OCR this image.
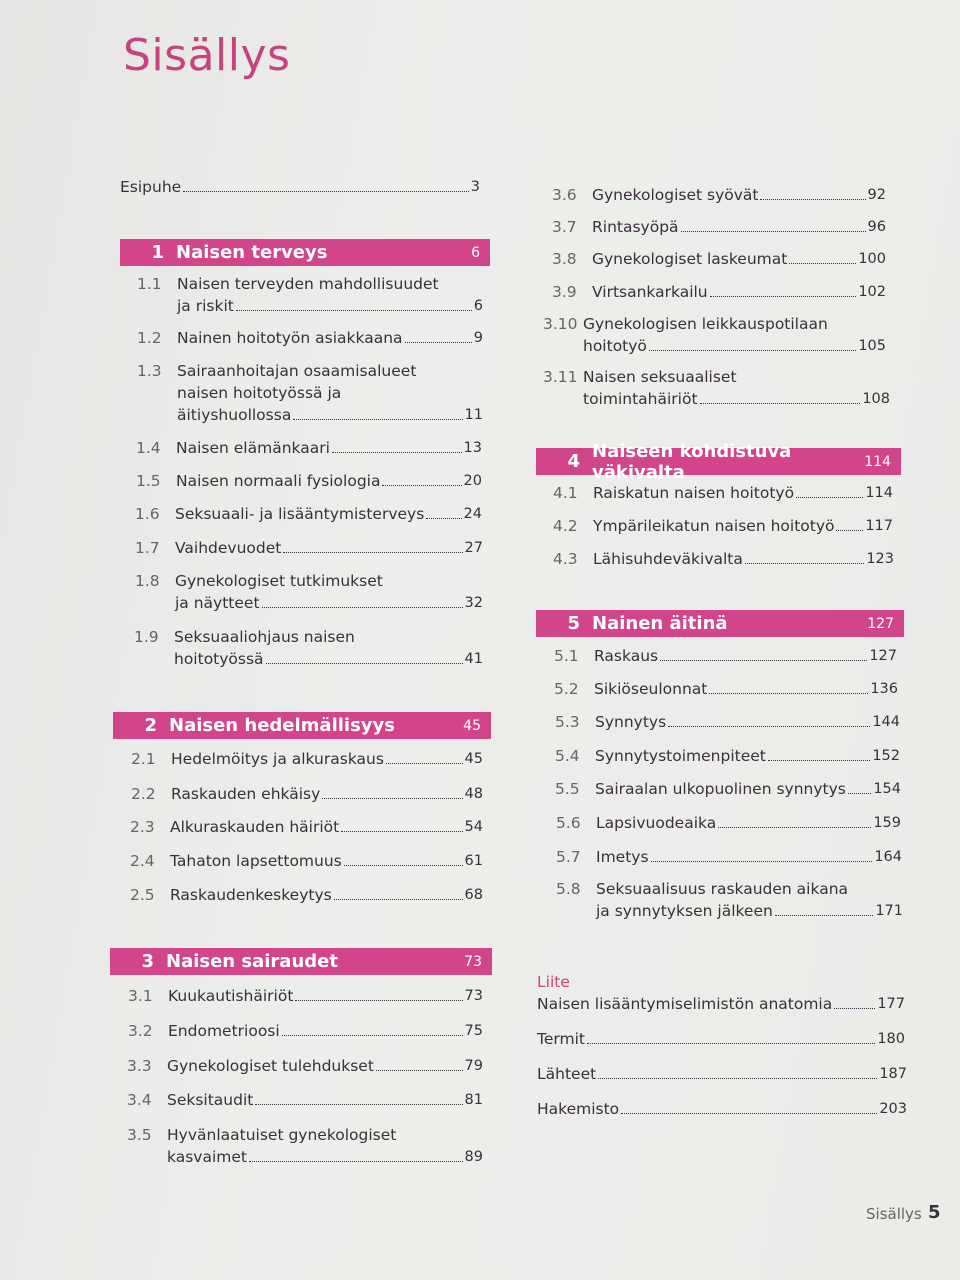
Sisällys
1 Naisen terveys	6
2 Naisen hedelmällisyys	45
3 Naisen sairaudet	73
4 Naiseen kohdistuva väkivalta	114
5 Nainen äitinä	127
Esipuhe	3
1.1 Naisen terveyden mahdollisuudet
ja riskit	6
1.2 Nainen hoitotyön asiakkaana	9
1.3 Sairaanhoitajan osaamisalueet
naisen hoitotyössä ja
äitiyshuollossa	11
1.4 Naisen elämänkaari	13
1.5 Naisen normaali fysiologia	20
1.6 Seksuaali- ja lisääntymisterveys	24
1.7 Vaihdevuodet	27
1.8 Gynekologiset tutkimukset
ja näytteet	32
1.9 Seksuaaliohjaus naisen
hoitotyössä	41
2.1 Hedelmöitys ja alkuraskaus	45
2.2 Raskauden ehkäisy	48
2.3 Alkuraskauden häiriöt	54
2.4 Tahaton lapsettomuus	61
2.5 Raskaudenkeskeytys	68
3.1 Kuukautishäiriöt	73
3.2 Endometrioosi	75
3.3 Gynekologiset tulehdukset	79
3.4 Seksitaudit	81
3.5 Hyvänlaatuiset gynekologiset
kasvaimet	89
3.6 Gynekologiset syövät	92
3.7 Rintasyöpä	96
3.8 Gynekologiset laskeumat	100
3.9 Virtsankarkailu	102
3.10 Gynekologisen leikkauspotilaan
hoitotyö	105
3.11 Naisen seksuaaliset
toimintahäiriöt	108
4.1 Raiskatun naisen hoitotyö	114
4.2 Ympärileikatun naisen hoitotyö 117
4.3 Lähisuhdeväkivalta	123
5.1 Raskaus	127
5.2 Sikiöseulonnat	136
5.3 Synnytys	144
5.4 Synnytystoimenpiteet	152
5.5 Sairaalan ulkopuolinen synnytys 154
5.6 Lapsivuodeaika	159
5.7 Imetys	164
5.8 Seksuaalisuus raskauden aikana
ja synnytyksen jälkeen	171
Liite
Naisen lisääntymiselimistön anatomia	177
Termit	180
Lähteet	187
Hakemisto	203
Sisällys 5
